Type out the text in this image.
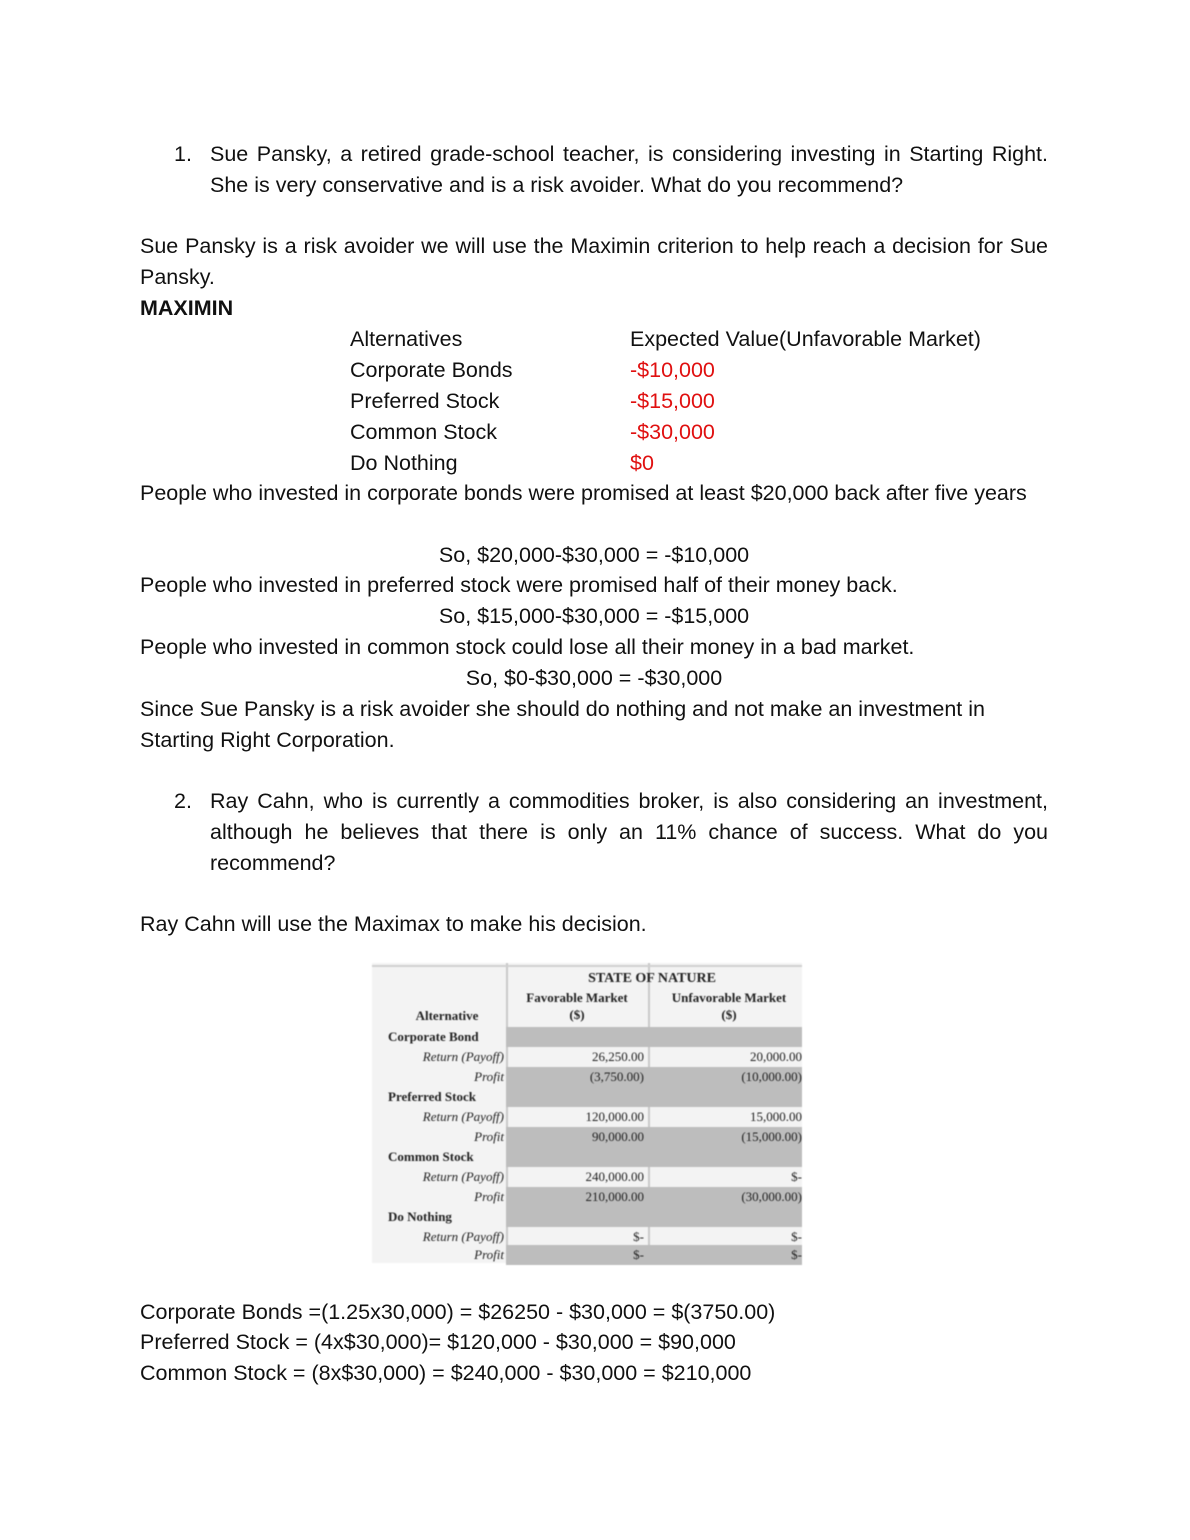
1. Sue Pansky, a retired grade-school teacher, is considering investing in Starting Right. She is very conservative and is a risk avoider. What do you recommend?
Sue Pansky is a risk avoider we will use the Maximin criterion to help reach a decision for Sue Pansky.
MAXIMIN
Alternatives	Expected Value(Unfavorable Market)
Corporate Bonds	-$10,000
Preferred Stock	-$15,000
Common Stock	-$30,000
Do Nothing	$0
People who invested in corporate bonds were promised at least $20,000 back after five years
So, $20,000-$30,000 = -$10,000
People who invested in preferred stock were promised half of their money back.
So, $15,000-$30,000 = -$15,000
People who invested in common stock could lose all their money in a bad market.
So, $0-$30,000 = -$30,000
Since Sue Pansky is a risk avoider she should do nothing and not make an investment in Starting Right Corporation.
2. Ray Cahn, who is currently a commodities broker, is also considering an investment, although he believes that there is only an 11% chance of success. What do you recommend?
Ray Cahn will use the Maximax to make his decision.
STATE OF NATURE
Favorable Market
($)
Unfavorable Market
($)
Alternative
Corporate Bond
Return (Payoff)	26,250.00	20,000.00
Profit	(3,750.00)	(10,000.00)
Preferred Stock
Return (Payoff)	120,000.00	15,000.00
Profit	90,000.00	(15,000.00)
Common Stock
Return (Payoff)	240,000.00	$-
Profit	210,000.00	(30,000.00)
Do Nothing
Return (Payoff)	$-	$-
Profit	$-	$-
Corporate Bonds =(1.25x30,000) = $26250 - $30,000 = $(3750.00)
Preferred Stock = (4x$30,000)= $120,000 - $30,000 = $90,000
Common Stock = (8x$30,000) = $240,000 - $30,000 = $210,000
